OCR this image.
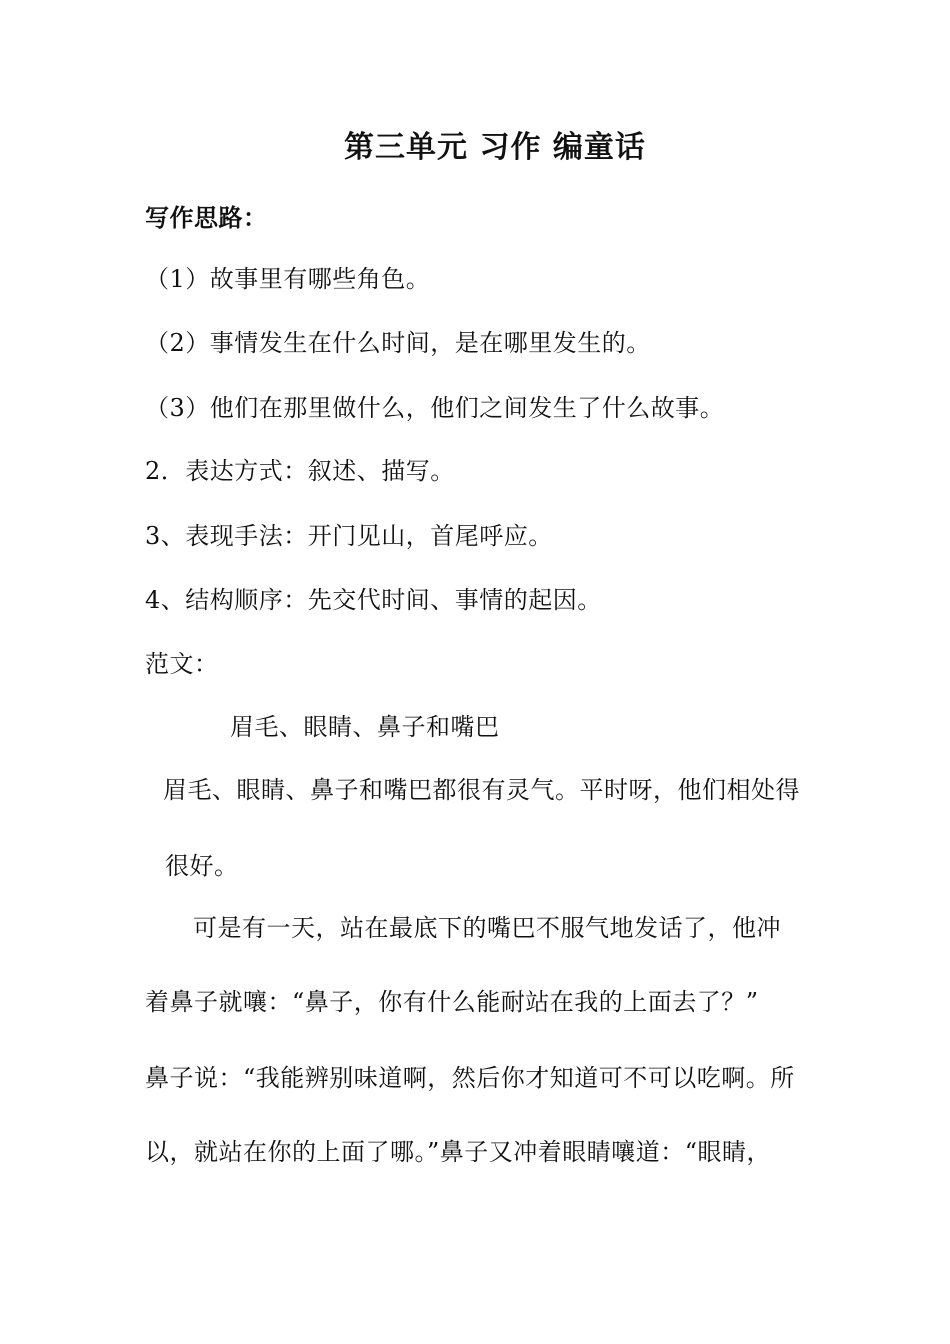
第三单元 习作 编童话
写作思路：
（1）故事里有哪些角色。
（2）事情发生在什么时间，是在哪里发生的。
（3）他们在那里做什么，他们之间发生了什么故事。
2．表达方式：叙述、描写。
3、表现手法：开门见山，首尾呼应。
4、结构顺序：先交代时间、事情的起因。
范文：
眉毛、眼睛、鼻子和嘴巴
眉毛、眼睛、鼻子和嘴巴都很有灵气。平时呀，他们相处得
很好。
可是有一天，站在最底下的嘴巴不服气地发话了，他冲
着鼻子就嚷：“鼻子，你有什么能耐站在我的上面去了？”
鼻子说：“我能辨别味道啊，然后你才知道可不可以吃啊。所
以，就站在你的上面了哪。”鼻子又冲着眼睛嚷道：“眼睛，
